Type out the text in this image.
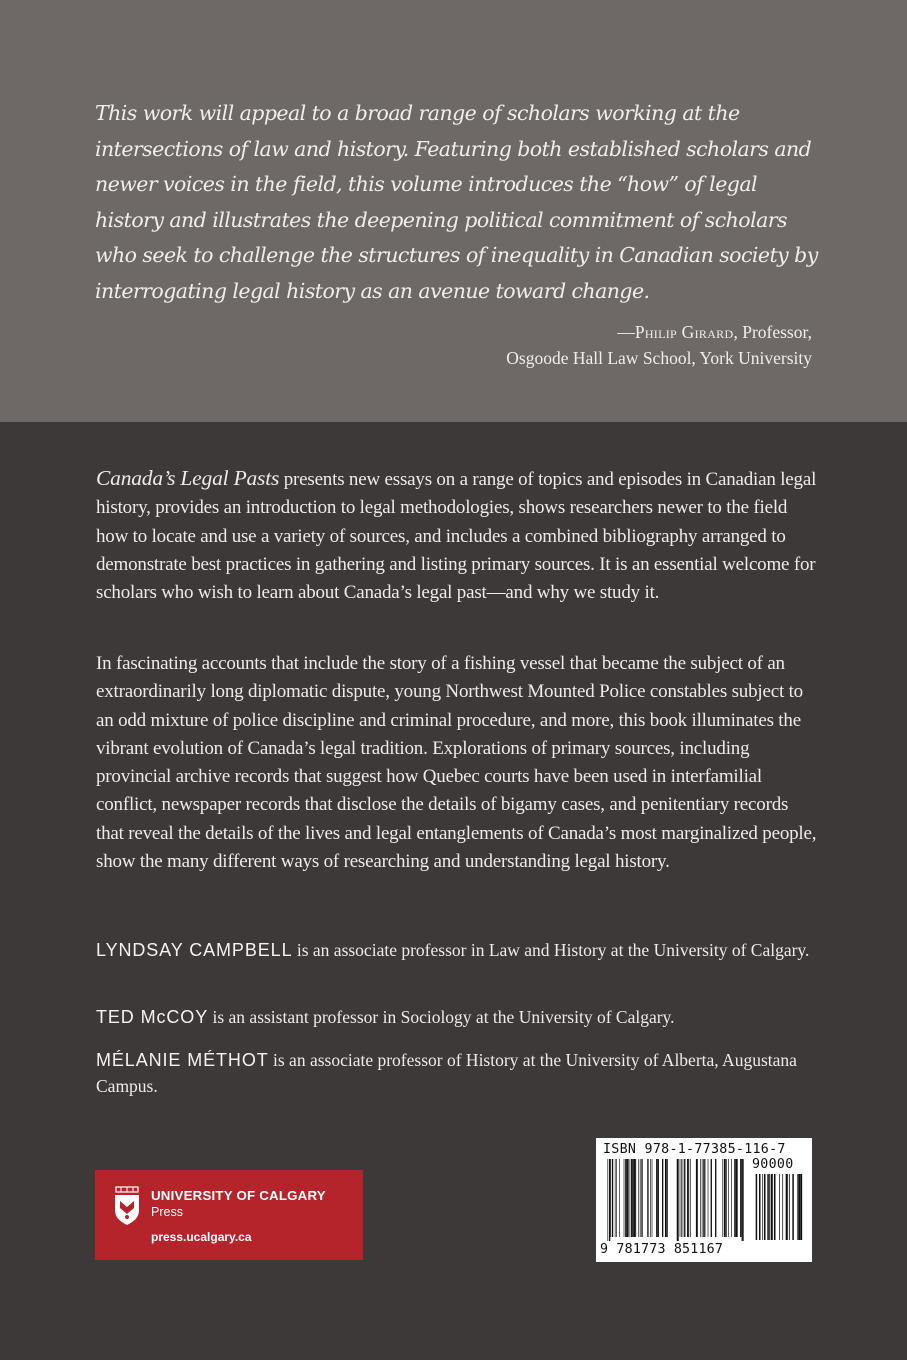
This work will appeal to a broad range of scholars working at the intersections of law and history. Featuring both established scholars and newer voices in the field, this volume introduces the “how” of legal history and illustrates the deepening political commitment of scholars who seek to challenge the structures of inequality in Canadian society by interrogating legal history as an avenue toward change.

—Philip Girard, Professor,
Osgoode Hall Law School, York University

Canada’s Legal Pasts presents new essays on a range of topics and episodes in Canadian legal history, provides an introduction to legal methodologies, shows researchers newer to the field how to locate and use a variety of sources, and includes a combined bibliography arranged to demonstrate best practices in gathering and listing primary sources. It is an essential welcome for scholars who wish to learn about Canada’s legal past—and why we study it.

In fascinating accounts that include the story of a fishing vessel that became the subject of an extraordinarily long diplomatic dispute, young Northwest Mounted Police constables subject to an odd mixture of police discipline and criminal procedure, and more, this book illuminates the vibrant evolution of Canada’s legal tradition. Explorations of primary sources, including provincial archive records that suggest how Quebec courts have been used in interfamilial conflict, newspaper records that disclose the details of bigamy cases, and penitentiary records that reveal the details of the lives and legal entanglements of Canada’s most marginalized people, show the many different ways of researching and understanding legal history.

LYNDSAY CAMPBELL is an associate professor in Law and History at the University of Calgary.

TED McCOY is an assistant professor in Sociology at the University of Calgary.

MÉLANIE MÉTHOT is an associate professor of History at the University of Alberta, Augustana Campus.

UNIVERSITY OF CALGARY
Press
press.ucalgary.ca
ISBN 978-1-77385-116-7
90000
9 781773 851167
